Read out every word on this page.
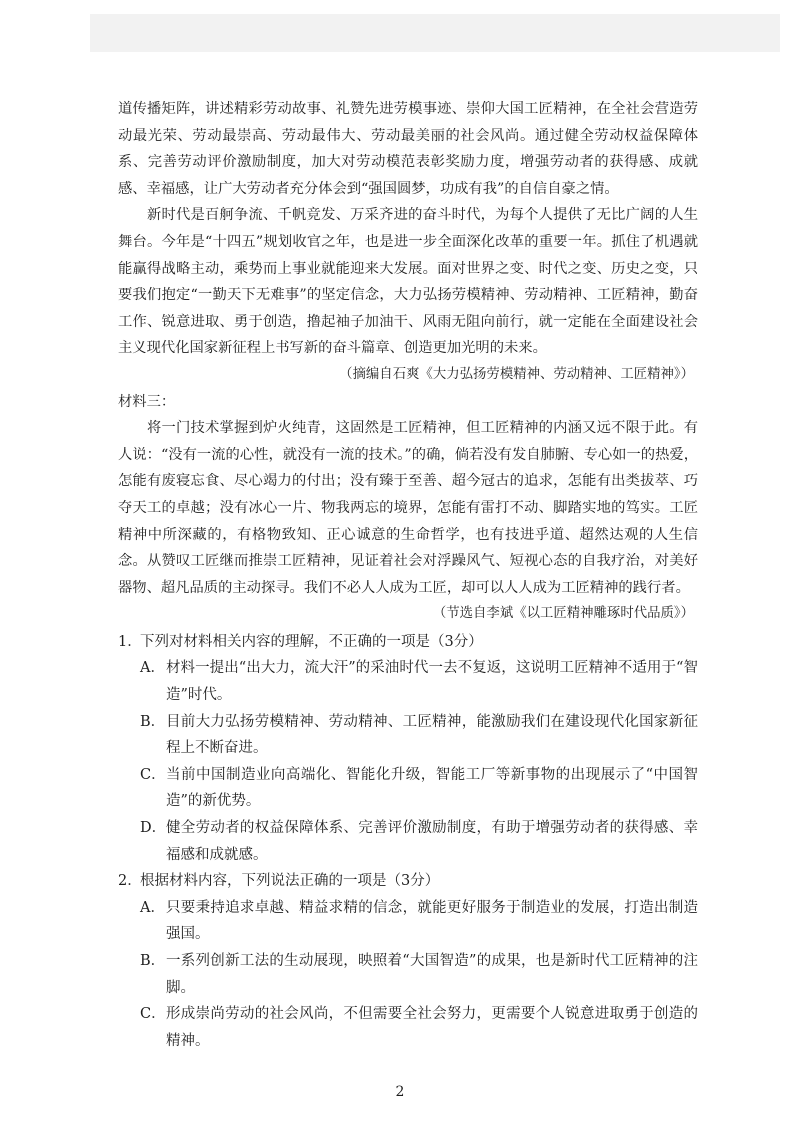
道传播矩阵，讲述精彩劳动故事、礼赞先进劳模事迹、崇仰大国工匠精神，在全社会营造劳动最光荣、劳动最崇高、劳动最伟大、劳动最美丽的社会风尚。通过健全劳动权益保障体系、完善劳动评价激励制度，加大对劳动模范表彰奖励力度，增强劳动者的获得感、成就感、幸福感，让广大劳动者充分体会到“强国圆梦，功成有我”的自信自豪之情。

新时代是百舸争流、千帆竞发、万采齐进的奋斗时代，为每个人提供了无比广阔的人生舞台。今年是“十四五”规划收官之年，也是进一步全面深化改革的重要一年。抓住了机遇就能赢得战略主动，乘势而上事业就能迎来大发展。面对世界之变、时代之变、历史之变，只要我们抱定“一勤天下无难事”的坚定信念，大力弘扬劳模精神、劳动精神、工匠精神，勤奋工作、锐意进取、勇于创造，撸起袖子加油干、风雨无阻向前行，就一定能在全面建设社会主义现代化国家新征程上书写新的奋斗篇章、创造更加光明的未来。

（摘编自石爽《大力弘扬劳模精神、劳动精神、工匠精神》）

材料三：

将一门技术掌握到炉火纯青，这固然是工匠精神，但工匠精神的内涵又远不限于此。有人说：“没有一流的心性，就没有一流的技术。”的确，倘若没有发自肺腑、专心如一的热爱，怎能有废寝忘食、尽心竭力的付出；没有臻于至善、超今冠古的追求，怎能有出类拔萃、巧夺天工的卓越；没有冰心一片、物我两忘的境界，怎能有雷打不动、脚踏实地的笃实。工匠精神中所深藏的，有格物致知、正心诚意的生命哲学，也有技进乎道、超然达观的人生信念。从赞叹工匠继而推崇工匠精神，见证着社会对浮躁风气、短视心态的自我疗治，对美好器物、超凡品质的主动探寻。我们不必人人成为工匠，却可以人人成为工匠精神的践行者。

（节选自李斌《以工匠精神雕琢时代品质》）

1．

下列对材料相关内容的理解，不正确的一项是（3分）

A． 材料一提出“出大力，流大汗”的采油时代一去不复返，这说明工匠精神不适用于“智造”时代。

B． 目前大力弘扬劳模精神、劳动精神、工匠精神，能激励我们在建设现代化国家新征程上不断奋进。

C． 当前中国制造业向高端化、智能化升级，智能工厂等新事物的出现展示了“中国智造”的新优势。

D． 健全劳动者的权益保障体系、完善评价激励制度，有助于增强劳动者的获得感、幸福感和成就感。

2．

根据材料内容，下列说法正确的一项是（3分）

A． 只要秉持追求卓越、精益求精的信念，就能更好服务于制造业的发展，打造出制造强国。

B． 一系列创新工法的生动展现，映照着“大国智造”的成果，也是新时代工匠精神的注脚。

C． 形成崇尚劳动的社会风尚，不但需要全社会努力，更需要个人锐意进取勇于创造的精神。

2
